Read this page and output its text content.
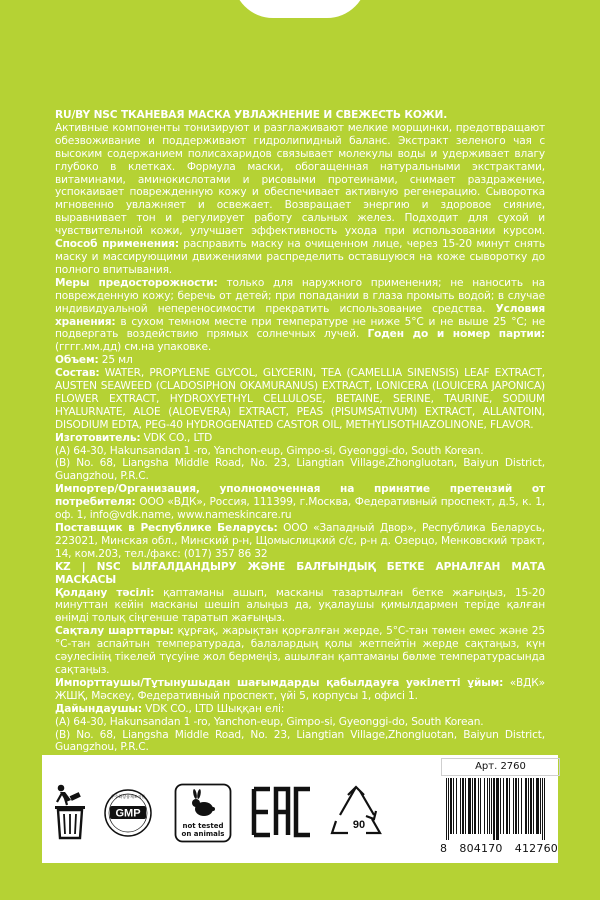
RU/BY NSC ТКАНЕВАЯ МАСКА УВЛАЖНЕНИЕ И СВЕЖЕСТЬ КОЖИ.

Активные компоненты тонизируют и разглаживают мелкие морщинки, предотвращают обезвоживание и поддерживают гидролипидный баланс. Экстракт зеленого чая с высоким содержанием полисахаридов связывает молекулы воды и удерживает влагу глубоко в клетках. Формула маски, обогащенная натуральными экстрактами, витаминами, аминокислотами и рисовыми протеинами, снимает раздражение, успокаивает поврежденную кожу и обеспечивает активную регенерацию. Сыворотка мгновенно увлажняет и освежает. Возвращает энергию и здоровое сияние, выравнивает тон и регулирует работу сальных желез. Подходит для сухой и чувствительной кожи, улучшает эффективность ухода при использовании курсом. Способ применения: расправить маску на очищенном лице, через 15-20 минут снять маску и массирующими движениями распределить оставшуюся на коже сыворотку до полного впитывания.

Меры предосторожности: только для наружного применения; не наносить на поврежденную кожу; беречь от детей; при попадании в глаза промыть водой; в случае индивидуальной непереносимости прекратить использование средства. Условия хранения: в сухом темном месте при температуре не ниже 5°C и не выше 25 °C; не подвергать воздействию прямых солнечных лучей. Годен до и номер партии: (гггг.мм.дд) см.на упаковке.

Объем: 25 мл

Состав: WATER, PROPYLENE GLYCOL, GLYCERIN, TEA (CAMELLIA SINENSIS) LEAF EXTRACT, AUSTEN SEAWEED (CLADOSIPHON OKAMURANUS) EXTRACT, LONICERA (LOUICERA JAPONICA) FLOWER EXTRACT, HYDROXYETHYL CELLULOSE, BETAINE, SERINE, TAURINE, SODIUM HYALURNATE, ALOE (ALOEVERA) EXTRACT, PEAS (PISUMSATIVUM) EXTRACT, ALLANTOIN, DISODIUM EDTA, PEG-40 HYDROGENATED CASTOR OIL, METHYLISOTHIAZOLINONE, FLAVOR.

Изготовитель: VDK CO., LTD

(A) 64-30, Hakunsandan 1 -ro, Yanchon-eup, Gimpo-si, Gyeonggi-do, South Korean.

(B) No. 68, Liangsha Middle Road, No. 23, Liangtian Village,Zhongluotan, Baiyun District, Guangzhou, P.R.C.

Импортер/Организация, уполномоченная на принятие претензий от потребителя: ООО «ВДК», Россия, 111399, г.Москва, Федеративный проспект, д.5, к. 1, оф. 1, info@vdk.name, www.nameskincare.ru

Поставщик в Республике Беларусь: ООО «Западный Двор», Республика Беларусь, 223021, Минская обл., Минский р-н, Щомыслицкий с/с, р-н д. Озерцо, Менковский тракт, 14, ком.203, тел./факс: (017) 357 86 32

KZ | NSC ЫЛҒАЛДАНДЫРУ ЖӘНЕ БАЛҒЫНДЫҚ БЕТКЕ АРНАЛҒАН МАТА МАСКАСЫ

Қолдану тәсілі: қаптаманы ашып, масканы тазартылған бетке жағыңыз, 15-20 минуттан кейін масканы шешіп алыңыз да, уқалаушы қимылдармен теріде қалған өнімді толық сіңгенше таратып жағыңыз.

Сақталу шарттары: құрғақ, жарықтан қорғалған жерде, 5°С-тан төмен емес және 25 °С-тан аспайтын температурада, балалардың қолы жетпейтін жерде сақтаңыз, күн сәулесінің тікелей түсуіне жол бермеңіз, ашылған қаптаманы бөлме температурасында сақтаңыз.

Импорттаушы/Тұтынушыдан шағымдарды қабылдауға уәкілетті ұйым: «ВДК» ЖШҚ, Мәскеу, Федеративный проспект, үйі 5, корпусы 1, офисі 1.

Дайындаушы: VDK CO., LTD Шыққан елі:

(A) 64-30, Hakunsandan 1 -ro, Yanchon-eup, Gimpo-si, Gyeonggi-do, South Korean.

(B) No. 68, Liangsha Middle Road, No. 23, Liangtian Village,Zhongluotan, Baiyun District, Guangzhou, P.R.C.

Арт. 2760
GMP
우수화장품제조기준
not tested
on animals
90
8 804170 412760
